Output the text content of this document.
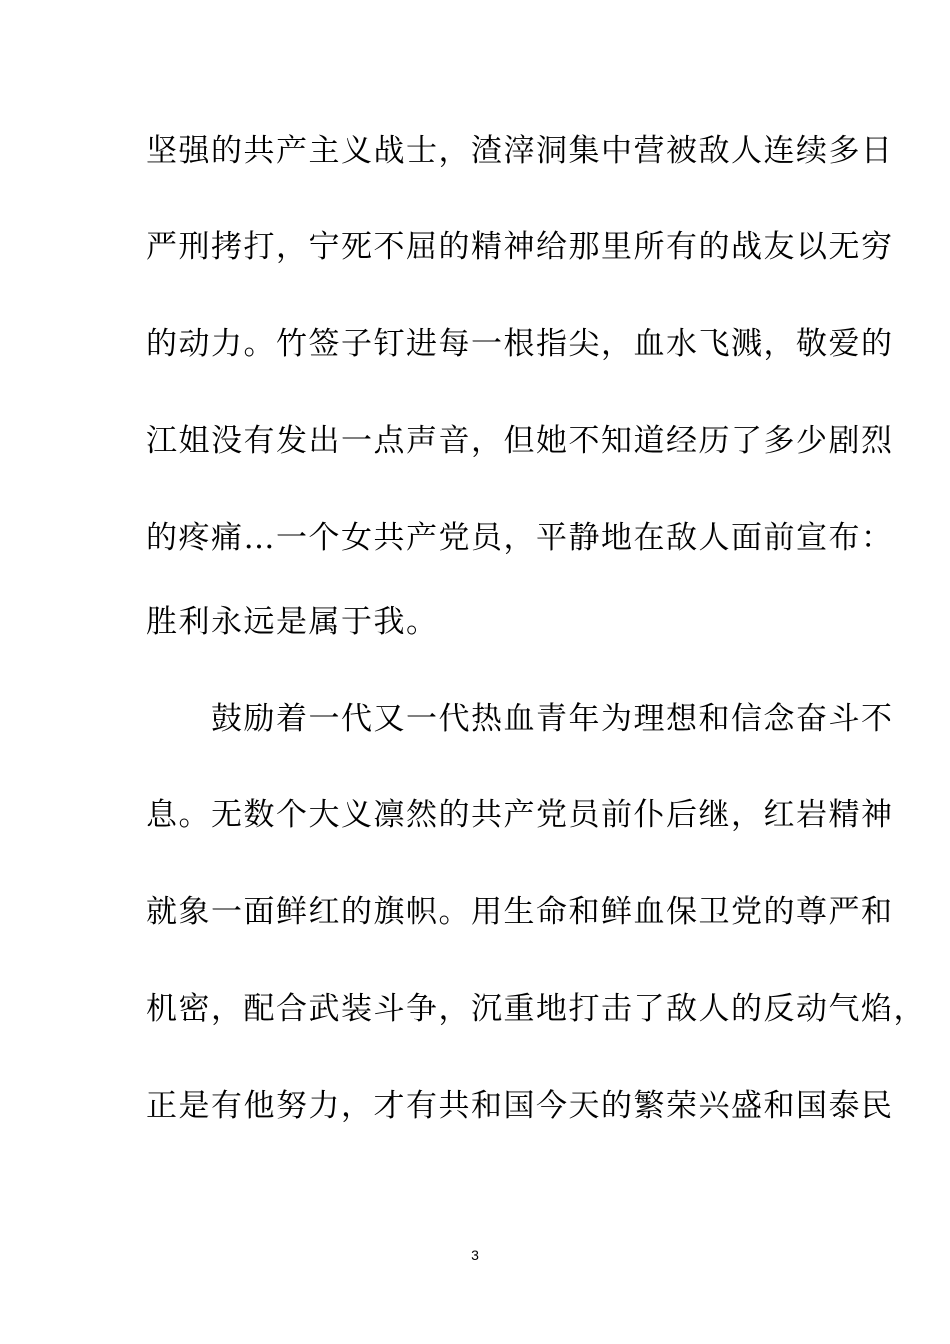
坚强的共产主义战士，渣滓洞集中营被敌人连续多日
严刑拷打，宁死不屈的精神给那里所有的战友以无穷
的动力。竹签子钉进每一根指尖，血水飞溅，敬爱的
江姐没有发出一点声音，但她不知道经历了多少剧烈
的疼痛…一个女共产党员，平静地在敌人面前宣布：
胜利永远是属于我。
　　鼓励着一代又一代热血青年为理想和信念奋斗不
息。无数个大义凛然的共产党员前仆后继，红岩精神
就象一面鲜红的旗帜。用生命和鲜血保卫党的尊严和
机密，配合武装斗争，沉重地打击了敌人的反动气焰，
正是有他努力，才有共和国今天的繁荣兴盛和国泰民
3
